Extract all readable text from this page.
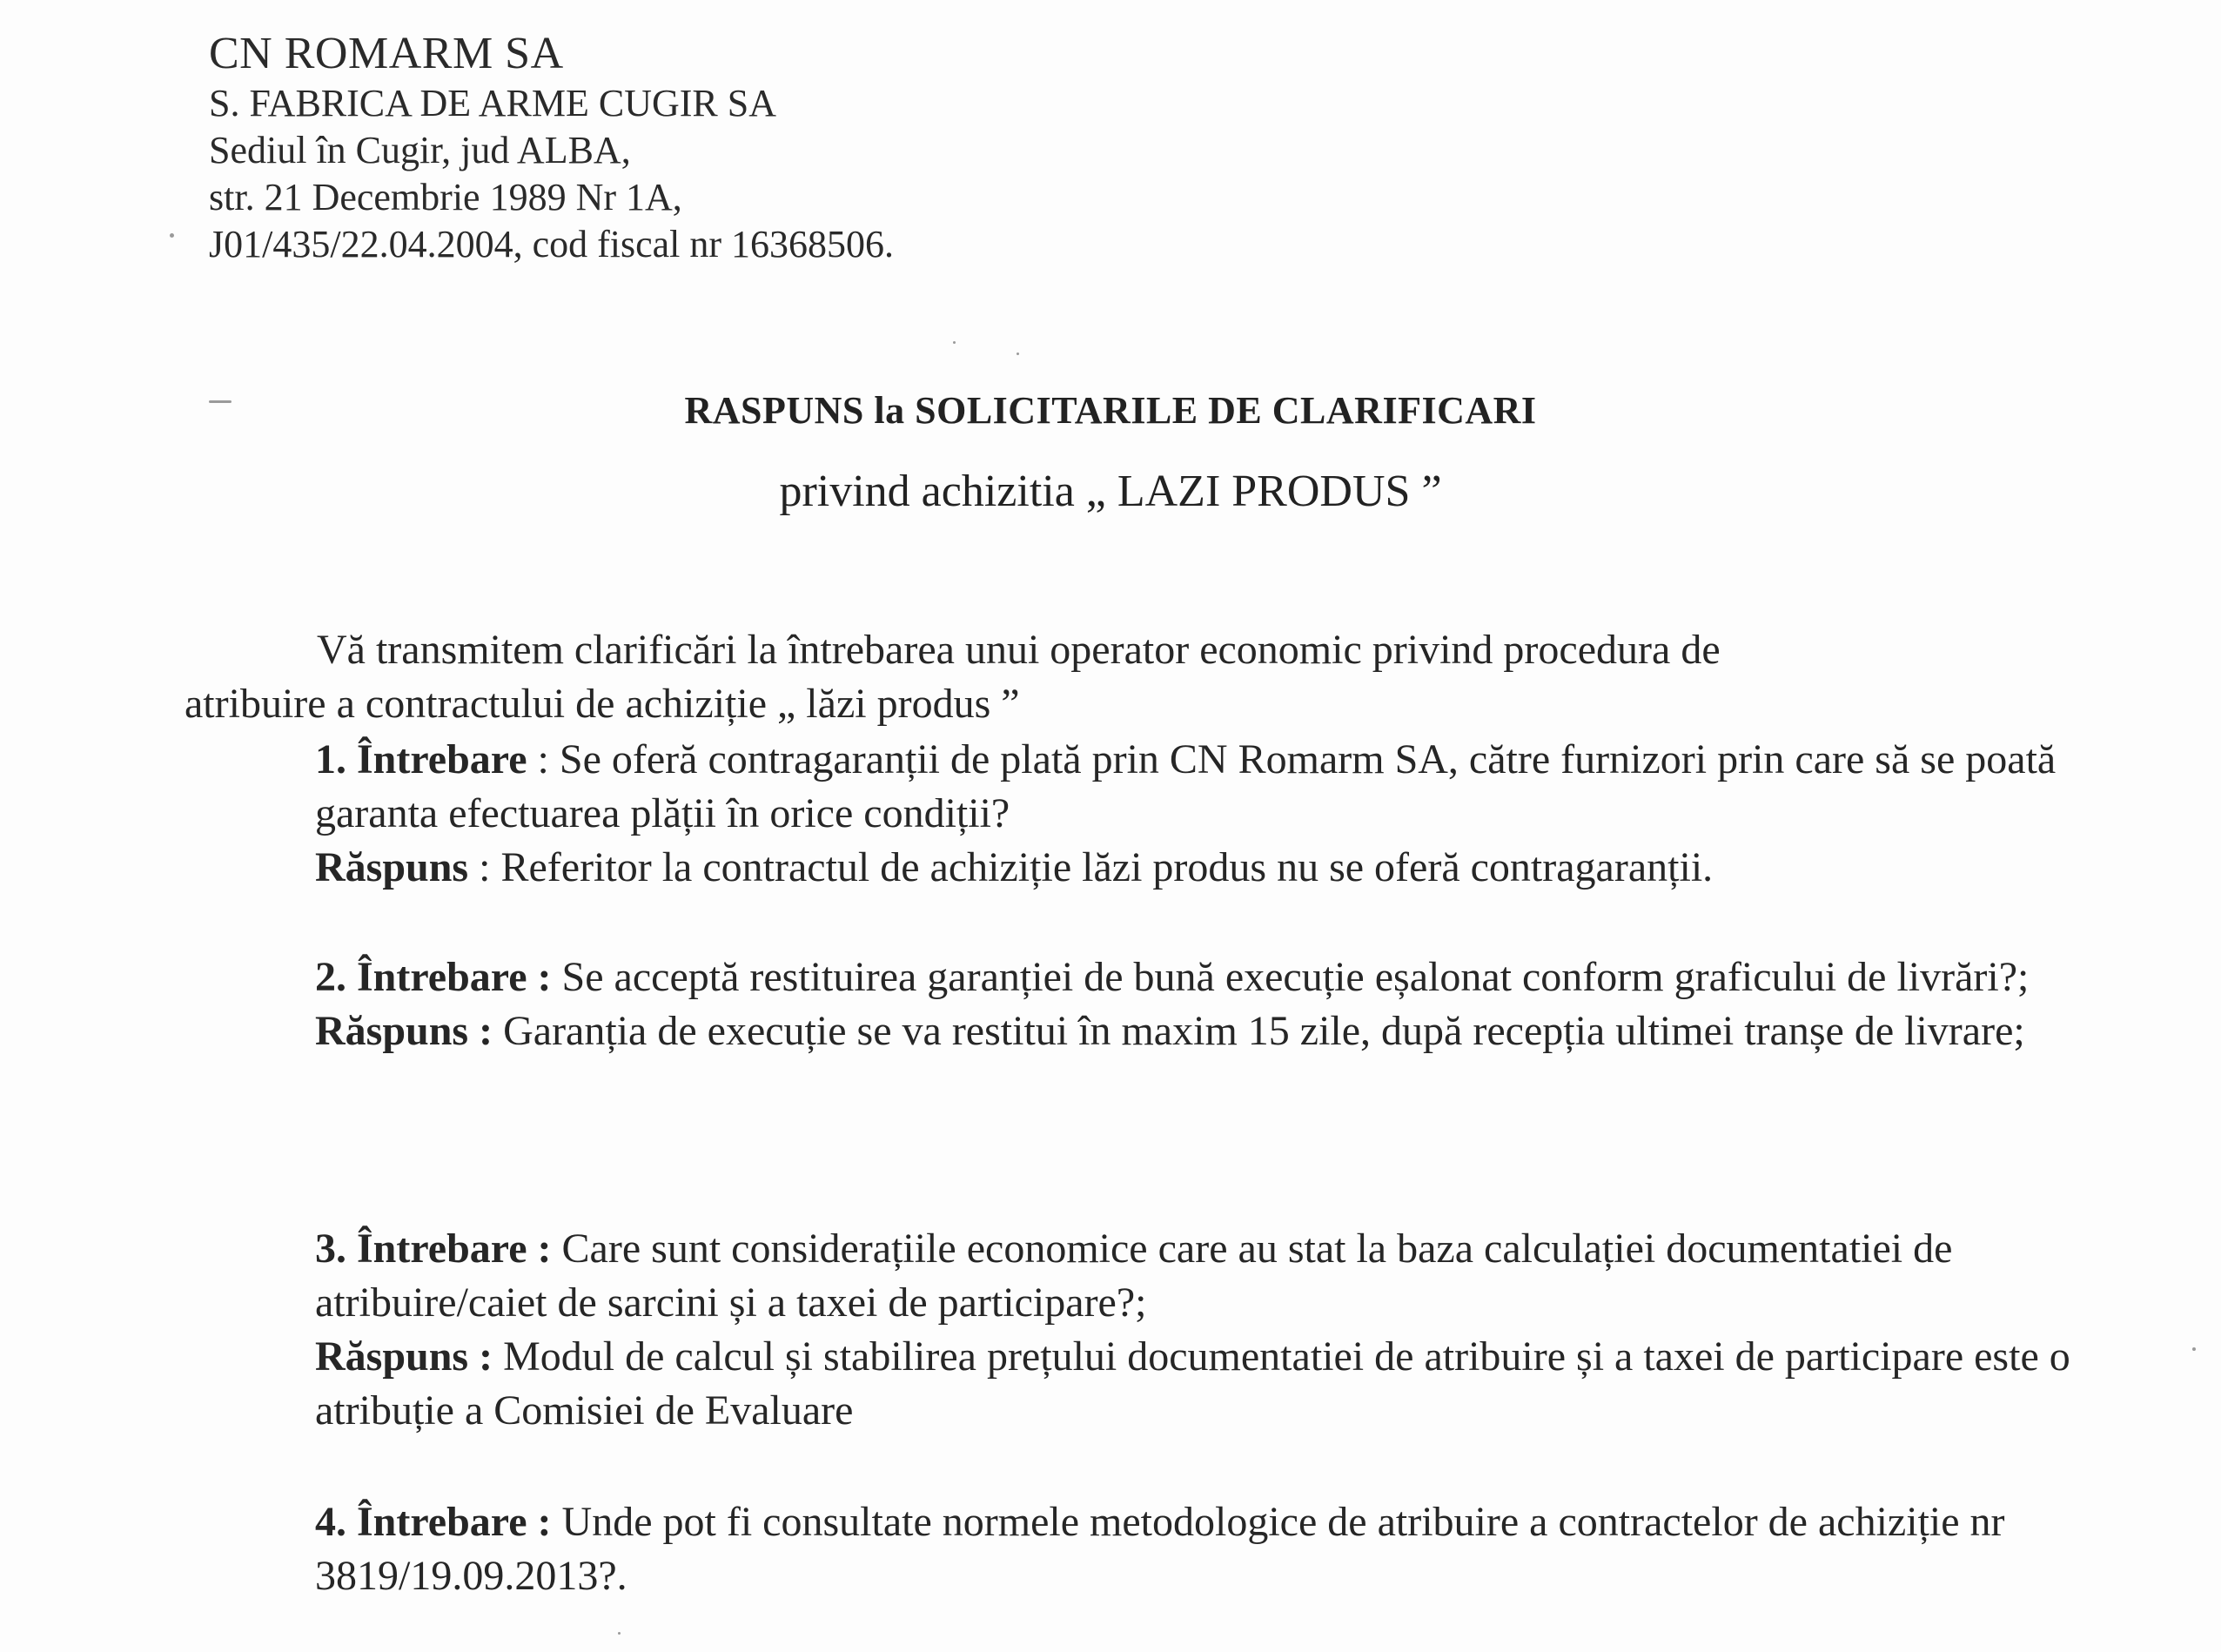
CN ROMARM SA
S. FABRICA DE ARME CUGIR SA
Sediul în Cugir, jud ALBA,
str. 21 Decembrie 1989 Nr 1A,
J01/435/22.04.2004, cod fiscal nr 16368506.
RASPUNS la SOLICITARILE DE CLARIFICARI
privind achizitia „ LAZI PRODUS ”
Vă transmitem clarificări la întrebarea unui operator economic privind procedura de
atribuire a contractului de achiziție „ lăzi produs ”

1. Întrebare : Se oferă contragaranții de plată prin CN Romarm SA, către furnizori prin care să se poată garanta efectuarea plății în orice condiții?

Răspuns : Referitor la contractul de achiziție lăzi produs nu se oferă contragaranții.

2. Întrebare : Se acceptă restituirea garanției de bună execuție eșalonat conform graficului de livrări?;

Răspuns : Garanția de execuție se va restitui în maxim 15 zile, după recepția ultimei tranșe de livrare;

3. Întrebare : Care sunt considerațiile economice care au stat la baza calculației documentatiei de atribuire/caiet de sarcini și a taxei de participare?;

Răspuns : Modul de calcul și stabilirea prețului documentatiei de atribuire și a taxei de participare este o atribuție a Comisiei de Evaluare

4. Întrebare : Unde pot fi consultate normele metodologice de atribuire a contractelor de achiziție nr 3819/19.09.2013?.
